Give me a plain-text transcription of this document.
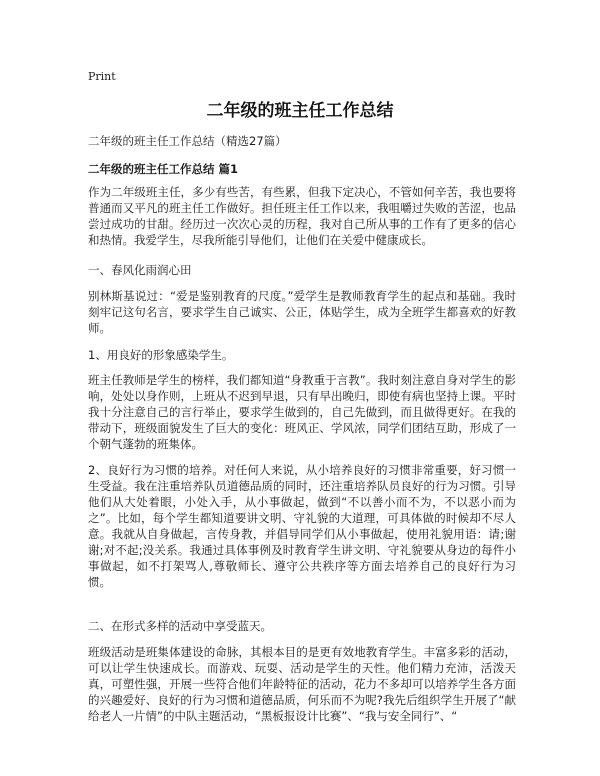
Print
二年级的班主任工作总结
二年级的班主任工作总结（精选27篇）
二年级的班主任工作总结 篇1

作为二年级班主任，多少有些苦，有些累，但我下定决心，不管如何辛苦，我也要将普通而又平凡的班主任工作做好。担任班主任工作以来，我咀嚼过失败的苦涩，也品尝过成功的甘甜。经历过一次次心灵的历程，我对自己所从事的工作有了更多的信心和热情。我爱学生，尽我所能引导他们，让他们在关爱中健康成长。

一、春风化雨润心田

别林斯基说过：“爱是鉴别教育的尺度。”爱学生是教师教育学生的起点和基础。我时刻牢记这句名言，要求学生自己诚实、公正，体贴学生，成为全班学生都喜欢的好教师。

1、用良好的形象感染学生。

班主任教师是学生的榜样，我们都知道“身教重于言教”。我时刻注意自身对学生的影响，处处以身作则，上班从不迟到早退，只有早出晚归，即使有病也坚持上课。平时我十分注意自己的言行举止，要求学生做到的，自己先做到，而且做得更好。在我的带动下，班级面貌发生了巨大的变化：班风正、学风浓，同学们团结互助，形成了一个朝气蓬勃的班集体。

2、良好行为习惯的培养。对任何人来说，从小培养良好的习惯非常重要，好习惯一生受益。我在注重培养队员道德品质的同时，还注重培养队员良好的行为习惯。引导他们从大处着眼，小处入手，从小事做起，做到“不以善小而不为，不以恶小而为之”。比如，每个学生都知道要讲文明、守礼貌的大道理，可具体做的时候却不尽人意。我就从自身做起，言传身教，并倡导同学们从小事做起，使用礼貌用语：请;谢谢;对不起;没关系。我通过具体事例及时教育学生讲文明、守礼貌要从身边的每件小事做起，如不打架骂人,尊敬师长、遵守公共秩序等方面去培养自己的良好行为习惯。

二、在形式多样的活动中享受蓝天。

班级活动是班集体建设的命脉，其根本目的是更有效地教育学生。丰富多彩的活动，可以让学生快速成长。而游戏、玩耍、活动是学生的天性。他们精力充沛，活泼天真，可塑性强，开展一些符合他们年龄特征的活动，花力不多却可以培养学生各方面的兴趣爱好、良好的行为习惯和道德品质，何乐而不为呢?我先后组织学生开展了“献给老人一片情”的中队主题活动，“黑板报设计比赛”、“我与安全同行”、“
